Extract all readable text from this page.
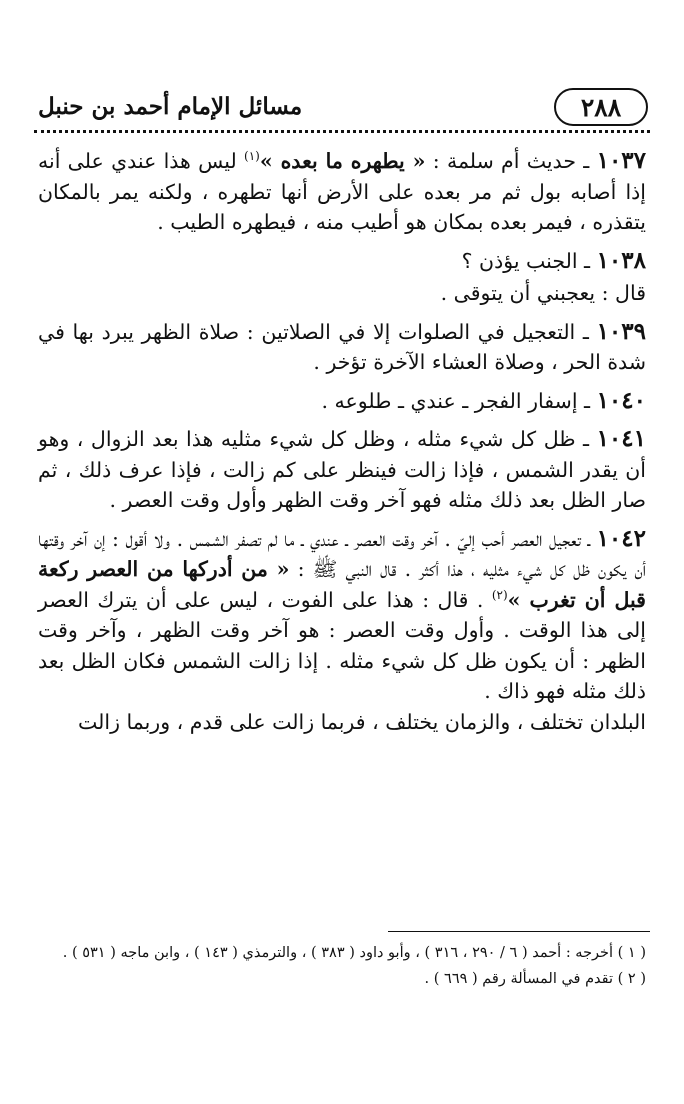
٢٨٨
مسائل الإمام أحمد بن حنبل

١٠٣٧ ـ حديث أم سلمة : « يطهره ما بعده »$^{(١)}$ ليس هذا عندي على أنه إذا أصابه بول ثم مر بعده على الأرض أنها تطهره ، ولكنه يمر بالمكان يتقذره ، فيمر بعده بمكان هو أطيب منه ، فيطهره الطيب .

١٠٣٨ ـ الجنب يؤذن ؟

قال : يعجبني أن يتوقى .

١٠٣٩ ـ التعجيل في الصلوات إلا في الصلاتين : صلاة الظهر يبرد بها في شدة الحر ، وصلاة العشاء الآخرة تؤخر .

١٠٤٠ ـ إسفار الفجر ـ عندي ـ طلوعه .

١٠٤١ ـ ظل كل شيء مثله ، وظل كل شيء مثليه هذا بعد الزوال ، وهو أن يقدر الشمس ، فإذا زالت فينظر على كم زالت ، فإذا عرف ذلك ، ثم صار الظل بعد ذلك مثله فهو آخر وقت الظهر وأول وقت العصر .

١٠٤٢ ـ تعجيل العصر أحب إليّ . آخر وقت العصر ـ عندي ـ ما لم تصفر الشمس . ولا أقول : إن آخر وقتها أن يكون ظل كل شيء مثليه ، هذا أكثر . قال النبي ﷺ : « من أدركها من العصر ركعة قبل أن تغرب »$^{(٢)}$ . قال : هذا على الفوت ، ليس على أن يترك العصر إلى هذا الوقت . وأول وقت العصر : هو آخر وقت الظهر ، وآخر وقت الظهر : أن يكون ظل كل شيء مثله . إذا زالت الشمس فكان الظل بعد ذلك مثله فهو ذاك .

البلدان تختلف ، والزمان يختلف ، فربما زالت على قدم ، وربما زالت

( ١ ) أخرجه : أحمد ( ٦ / ٢٩٠ ، ٣١٦ ) ، وأبو داود ( ٣٨٣ ) ، والترمذي ( ١٤٣ ) ، وابن ماجه ( ٥٣١ ) .

( ٢ ) تقدم في المسألة رقم ( ٦٦٩ ) .
